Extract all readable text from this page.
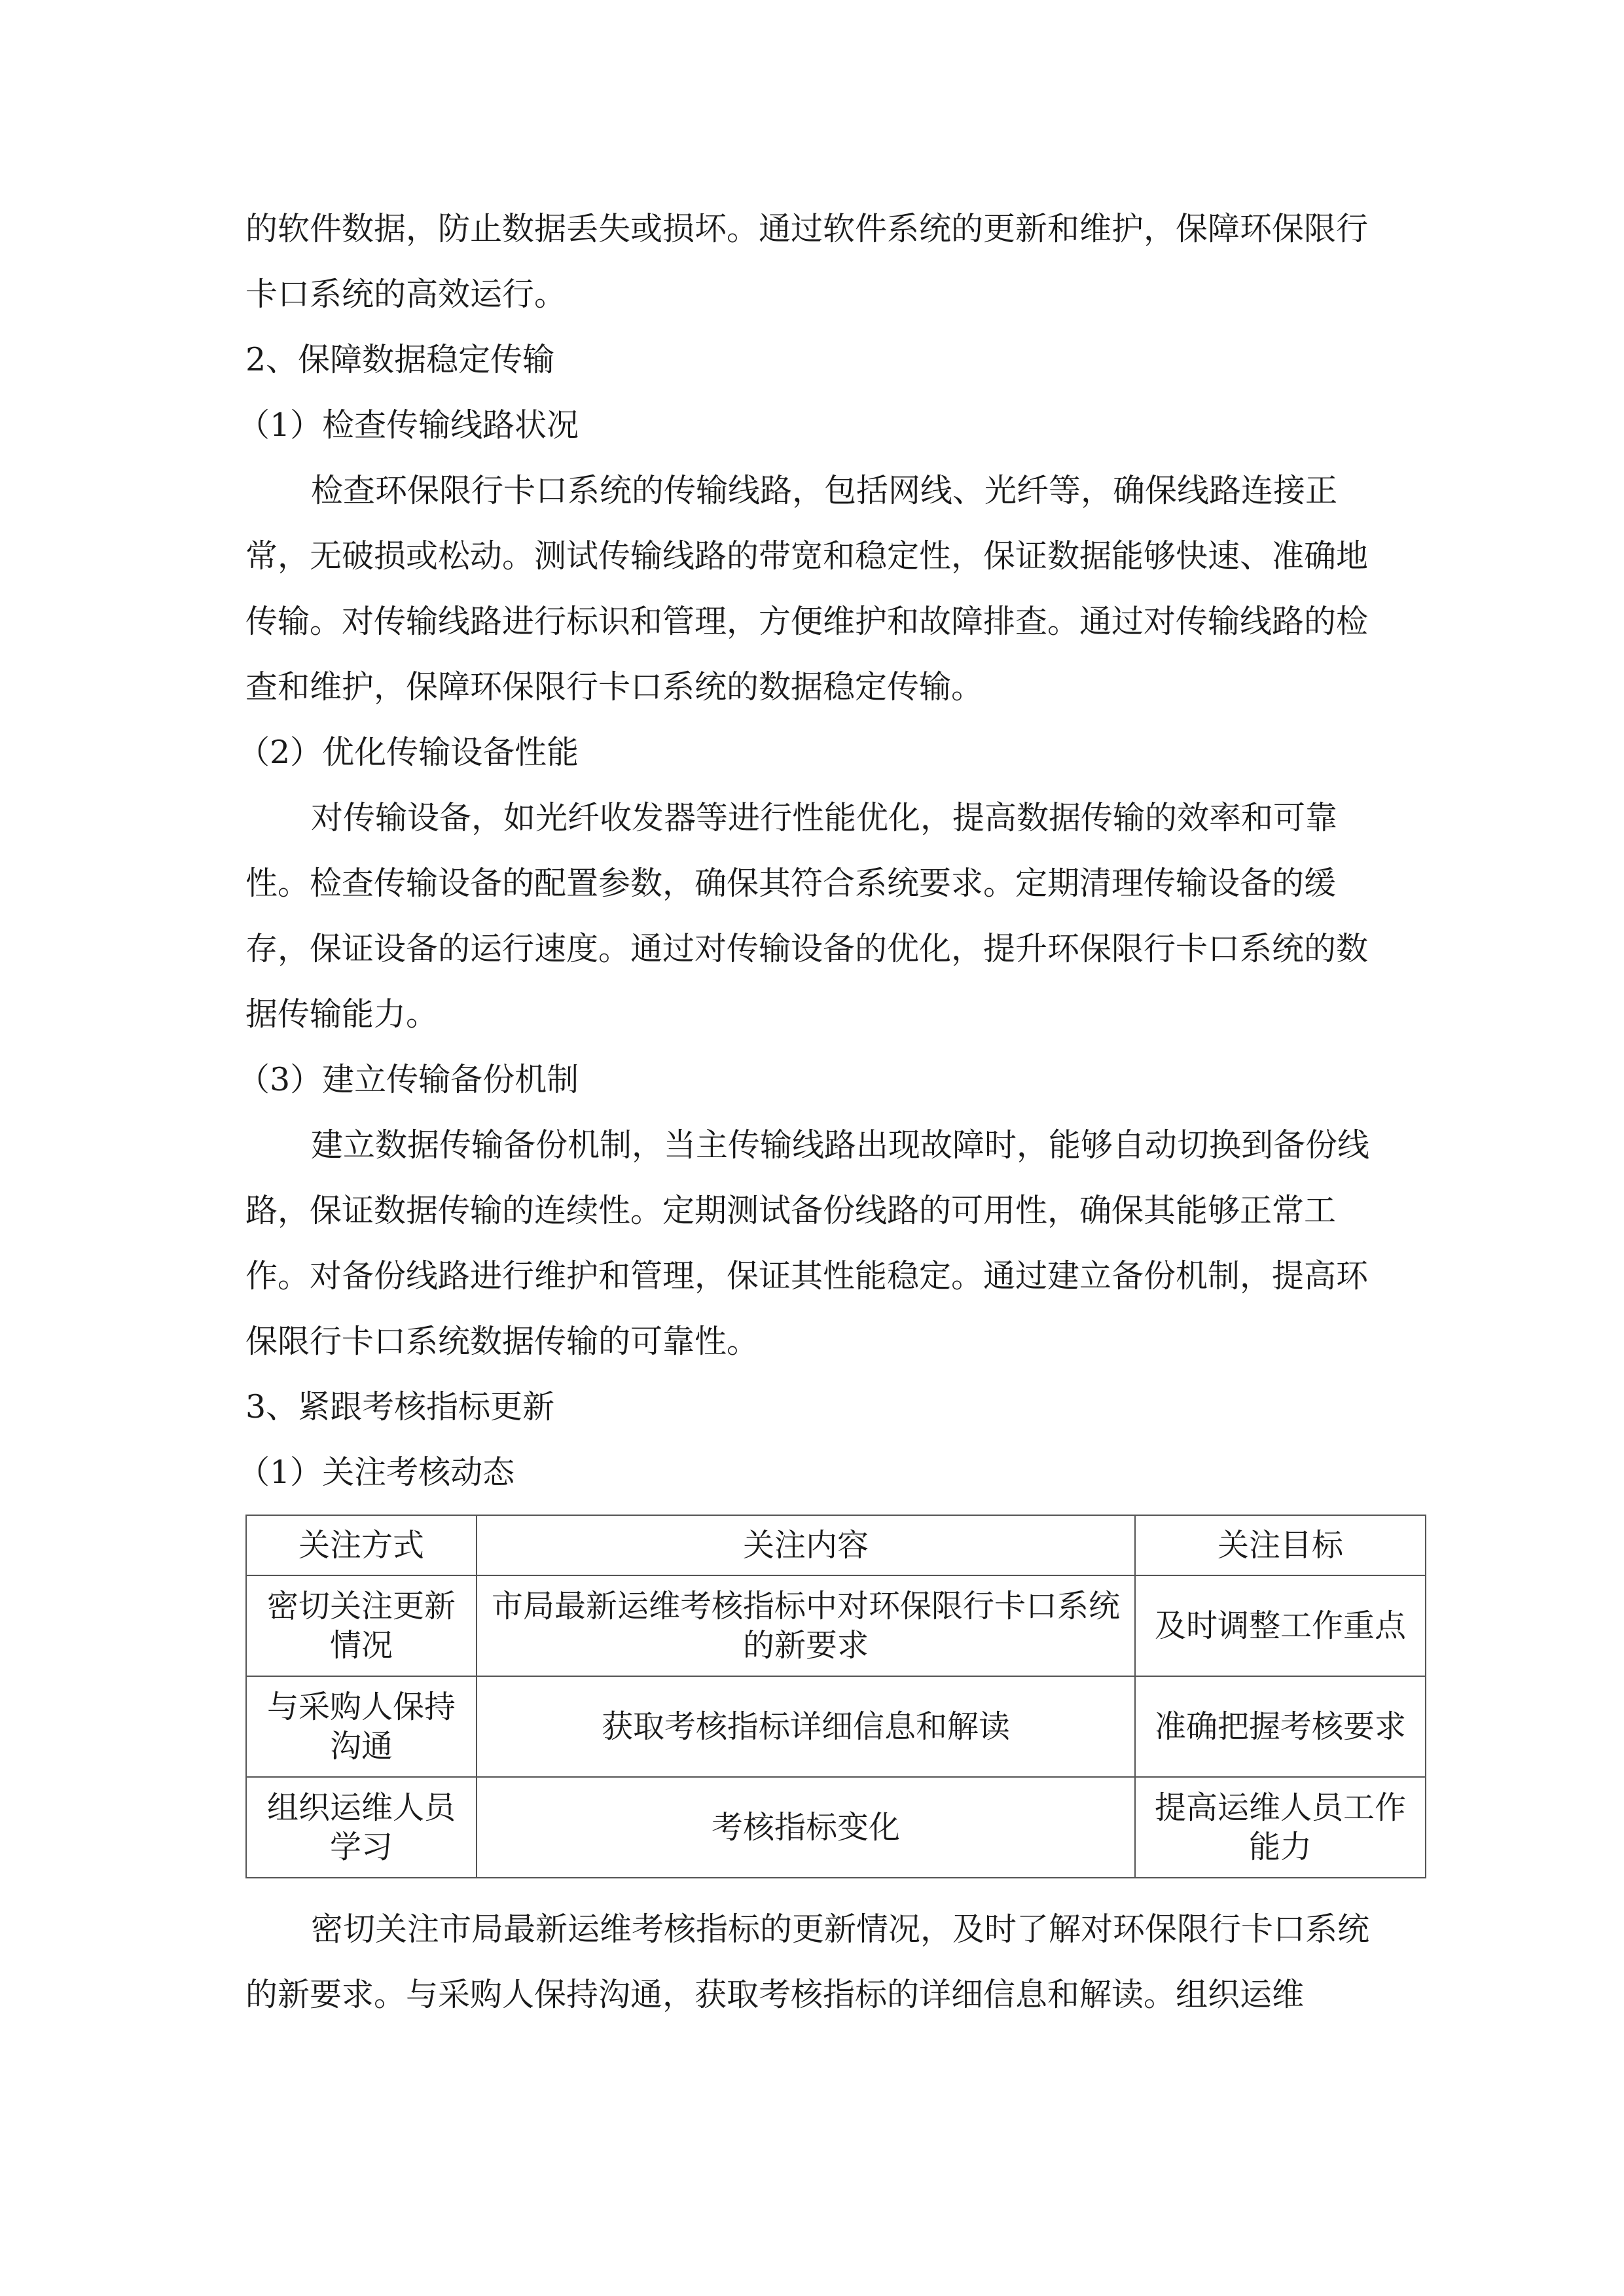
的软件数据，防止数据丢失或损坏。通过软件系统的更新和维护，保障环保限行卡口系统的高效运行。

2、保障数据稳定传输

（1）检查传输线路状况

检查环保限行卡口系统的传输线路，包括网线、光纤等，确保线路连接正常，无破损或松动。测试传输线路的带宽和稳定性，保证数据能够快速、准确地传输。对传输线路进行标识和管理，方便维护和故障排查。通过对传输线路的检查和维护，保障环保限行卡口系统的数据稳定传输。

（2）优化传输设备性能

对传输设备，如光纤收发器等进行性能优化，提高数据传输的效率和可靠性。检查传输设备的配置参数，确保其符合系统要求。定期清理传输设备的缓存，保证设备的运行速度。通过对传输设备的优化，提升环保限行卡口系统的数据传输能力。

（3）建立传输备份机制

建立数据传输备份机制，当主传输线路出现故障时，能够自动切换到备份线路，保证数据传输的连续性。定期测试备份线路的可用性，确保其能够正常工作。对备份线路进行维护和管理，保证其性能稳定。通过建立备份机制，提高环保限行卡口系统数据传输的可靠性。

3、紧跟考核指标更新

（1）关注考核动态

关注方式	关注内容	关注目标
密切关注更新情况	市局最新运维考核指标中对环保限行卡口系统的新要求	及时调整工作重点
与采购人保持沟通	获取考核指标详细信息和解读	准确把握考核要求
组织运维人员学习	考核指标变化	提高运维人员工作能力

密切关注市局最新运维考核指标的更新情况，及时了解对环保限行卡口系统的新要求。与采购人保持沟通，获取考核指标的详细信息和解读。组织运维
